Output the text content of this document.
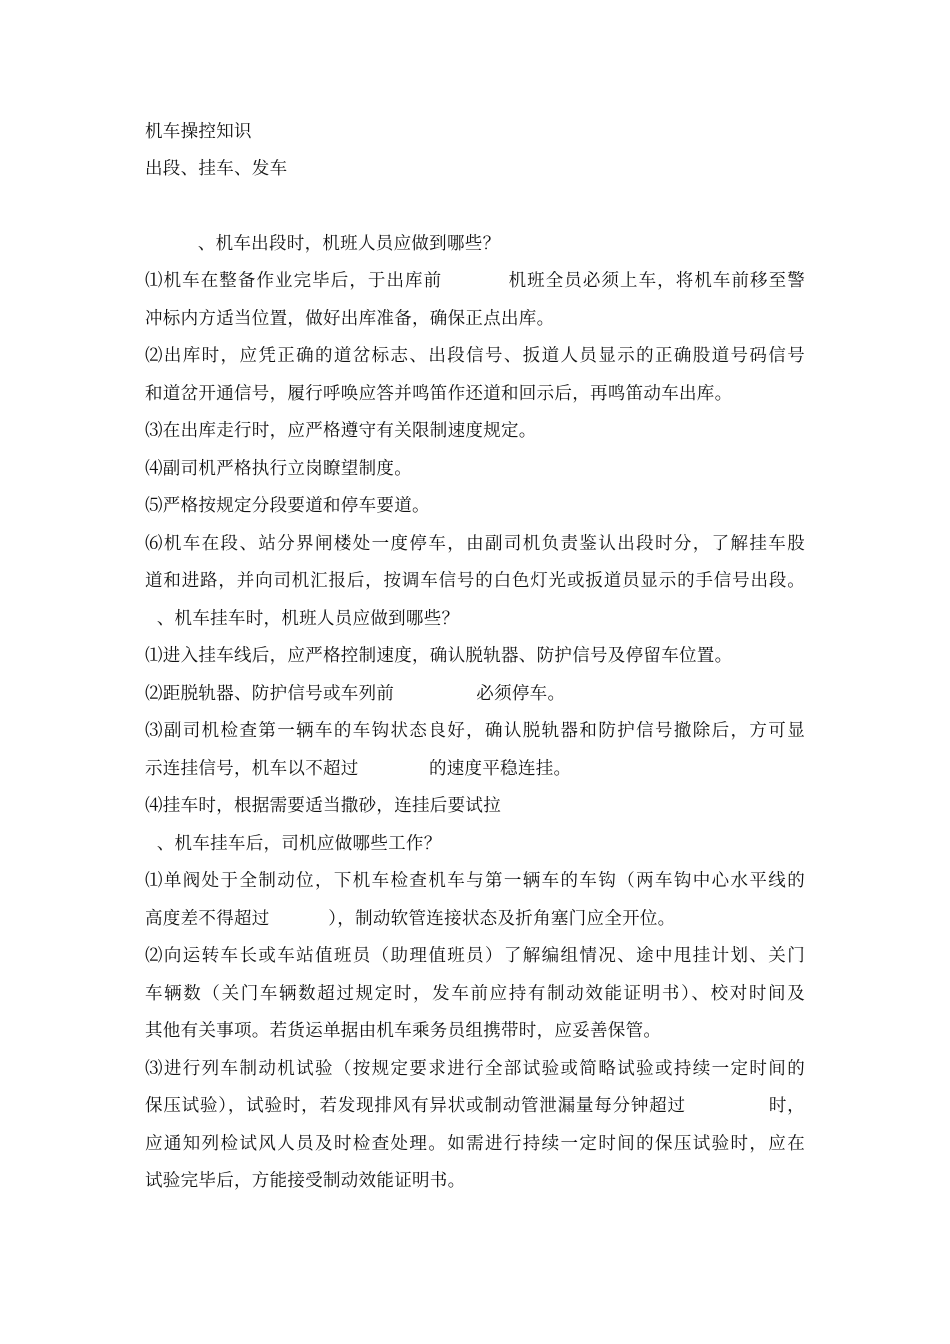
机车操控知识
出段、挂车、发车
、机车出段时，机班人员应做到哪些？
⑴机车在整备作业完毕后，于出库前          机班全员必须上车，将机车前移至警
冲标内方适当位置，做好出库准备，确保正点出库。
⑵出库时，应凭正确的道岔标志、出段信号、扳道人员显示的正确股道号码信号
和道岔开通信号，履行呼唤应答并鸣笛作还道和回示后，再鸣笛动车出库。
⑶在出库走行时，应严格遵守有关限制速度规定。
⑷副司机严格执行立岗瞭望制度。
⑸严格按规定分段要道和停车要道。
⑹机车在段、站分界闸楼处一度停车，由副司机负责鉴认出段时分，了解挂车股
道和进路，并向司机汇报后，按调车信号的白色灯光或扳道员显示的手信号出段。
、机车挂车时，机班人员应做到哪些？
⑴进入挂车线后，应严格控制速度，确认脱轨器、防护信号及停留车位置。
⑵距脱轨器、防护信号或车列前              必须停车。
⑶副司机检查第一辆车的车钩状态良好，确认脱轨器和防护信号撤除后，方可显
示连挂信号，机车以不超过            的速度平稳连挂。
⑷挂车时，根据需要适当撒砂，连挂后要试拉
、机车挂车后，司机应做哪些工作？
⑴单阀处于全制动位，下机车检查机车与第一辆车的车钩（两车钩中心水平线的
高度差不得超过          ），制动软管连接状态及折角塞门应全开位。
⑵向运转车长或车站值班员（助理值班员）了解编组情况、途中甩挂计划、关门
车辆数（关门车辆数超过规定时，发车前应持有制动效能证明书）、校对时间及
其他有关事项。若货运单据由机车乘务员组携带时，应妥善保管。
⑶进行列车制动机试验（按规定要求进行全部试验或简略试验或持续一定时间的
保压试验），试验时，若发现排风有异状或制动管泄漏量每分钟超过             时，
应通知列检试风人员及时检查处理。如需进行持续一定时间的保压试验时，应在
试验完毕后，方能接受制动效能证明书。
